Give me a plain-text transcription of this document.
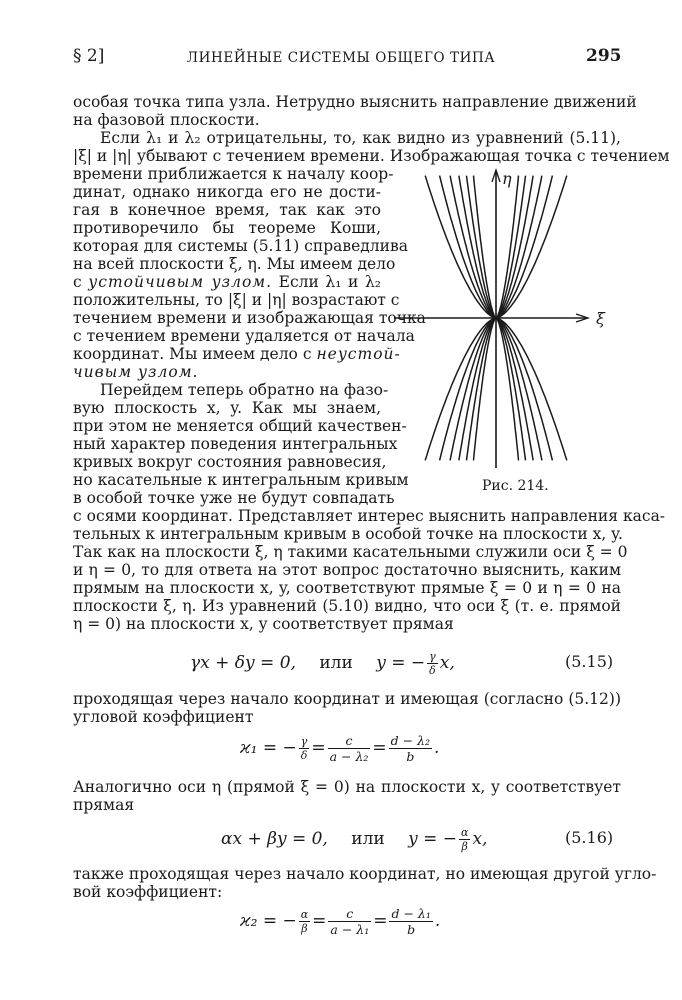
§ 2]	ЛИНЕЙНЫЕ СИСТЕМЫ ОБЩЕГО ТИПА	295
особая точка типа узла. Нетрудно выяснить направление движений
на фазовой плоскости.
Если λ₁ и λ₂ отрицательны, то, как видно из уравнений (5.11),
|ξ| и |η| убывают с течением времени. Изображающая точка с течением
времени приближается к началу коор-
динат, однако никогда его не дости-
гая в конечное время, так как это
противоречило бы теореме Коши,
которая для системы (5.11) справедлива
на всей плоскости ξ, η. Мы имеем дело
с устойчивым узлом. Если λ₁ и λ₂
положительны, то |ξ| и |η| возрастают с
течением времени и изображающая точка
с течением времени удаляется от начала
координат. Мы имеем дело с неустой-
чивым узлом.
Перейдем теперь обратно на фазо-
вую плоскость x, y. Как мы знаем,
при этом не меняется общий качествен-
ный характер поведения интегральных
кривых вокруг состояния равновесия,
но касательные к интегральным кривым
в особой точке уже не будут совпадать
с осями координат. Представляет интерес выяснить направления каса-
тельных к интегральным кривым в особой точке на плоскости x, y.
Так как на плоскости ξ, η такими касательными служили оси ξ = 0
и η = 0, то для ответа на этот вопрос достаточно выяснить, каким
прямым на плоскости x, y, соответствуют прямые ξ = 0 и η = 0 на
плоскости ξ, η. Из уравнений (5.10) видно, что оси ξ (т. е. прямой
η = 0) на плоскости x, y соответствует прямая
γx + δy = 0, или y = − $\frac{\gamma}{\delta} x$,	(5.15)
проходящая через начало координат и имеющая (согласно (5.12))
угловой коэффициент
ϰ₁ = − $\frac{\gamma}{\delta} = \frac{c}{\text{a − λ₂}} = \frac{\text{d − λ₂}}{b}$ .
Аналогично оси η (прямой ξ = 0) на плоскости x, y соответствует
прямая
αx + βy = 0, или y = − $\frac{\alpha}{\beta} x$,	(5.16)
также проходящая через начало координат, но имеющая другой угло-
вой коэффициент:
ϰ₂ = − $\frac{\alpha}{\beta} = \frac{c}{\text{a − λ₁}} = \frac{\text{d − λ₁}}{b}$ .
ξ
η
Рис. 214.
